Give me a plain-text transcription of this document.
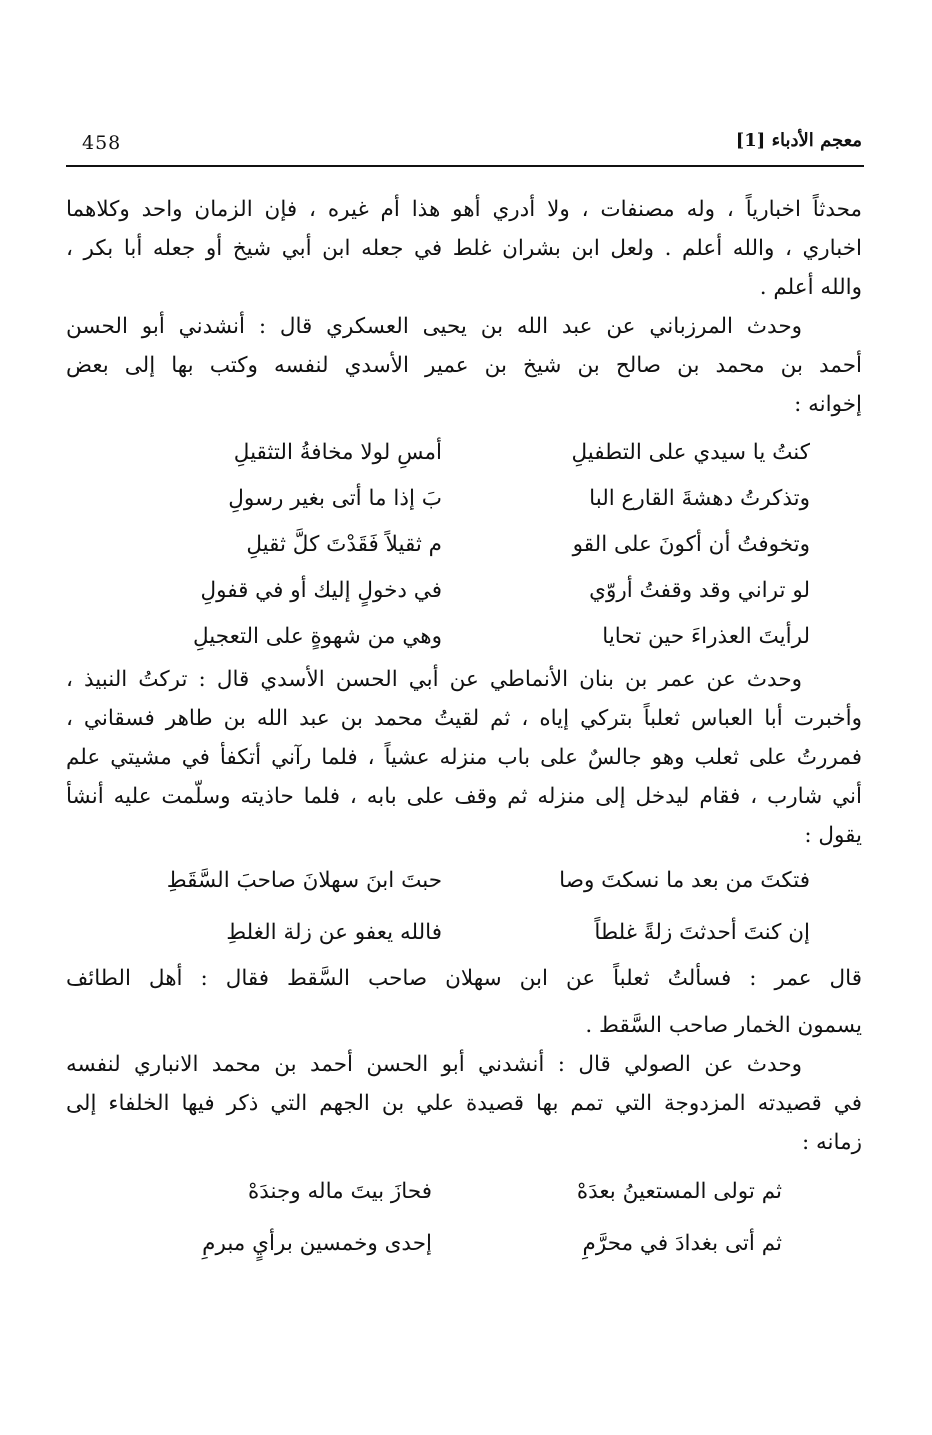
458	معجم الأدباء [1]
محدثاً اخبارياً ، وله مصنفات ، ولا أدري أهو هذا أم غيره ، فإن الزمان واحد وكلاهما
اخباري ، والله أعلم . ولعل ابن بشران غلط في جعله ابن أبي شيخ أو جعله أبا بكر ،
والله أعلم .
وحدث المرزباني عن عبد الله بن يحيى العسكري قال : أنشدني أبو الحسن
أحمد بن محمد بن صالح بن شيخ بن عمير الأسدي لنفسه وكتب بها إلى بعض
إخوانه :
كنتُ يا سيدي على التطفيلِ
أمسِ لولا مخافةُ التثقيلِ
وتذكرتُ دهشةَ القارع البا
بَ إذا ما أتى بغير رسولِ
وتخوفتُ أن أكونَ على القو
م ثقيلاً فَقَدْتَ كلَّ ثقيلِ
لو تراني وقد وقفتُ أروّي
في دخولٍ إليك أو في قفولِ
لرأيتَ العذراءَ حين تحايا
وهي من شهوةٍ على التعجيلِ
وحدث عن عمر بن بنان الأنماطي عن أبي الحسن الأسدي قال : تركتُ النبيذ ،
وأخبرت أبا العباس ثعلباً بتركي إياه ، ثم لقيتُ محمد بن عبد الله بن طاهر فسقاني ،
فمررتُ على ثعلب وهو جالسٌ على باب منزله عشياً ، فلما رآني أتكفأ في مشيتي علم
أني شارب ، فقام ليدخل إلى منزله ثم وقف على بابه ، فلما حاذيته وسلّمت عليه أنشأ
يقول :
فتكتَ من بعد ما نسكتَ وصا
حبتَ ابنَ سهلانَ صاحبَ السَّقَطِ
إن كنتَ أحدثتَ زلةً غلطاً
فالله يعفو عن زلة الغلطِ
قال عمر : فسألتُ ثعلباً عن ابن سهلان صاحب السَّقط فقال : أهل الطائف
يسمون الخمار صاحب السَّقط .
وحدث عن الصولي قال : أنشدني أبو الحسن أحمد بن محمد الانباري لنفسه
في قصيدته المزدوجة التي تمم بها قصيدة علي بن الجهم التي ذكر فيها الخلفاء إلى
زمانه :
ثم تولى المستعينُ بعدَهْ
فحازَ بيتَ ماله وجندَهْ
ثم أتى بغدادَ في محرَّمِ
إحدى وخمسين برأيٍ مبرمِ
